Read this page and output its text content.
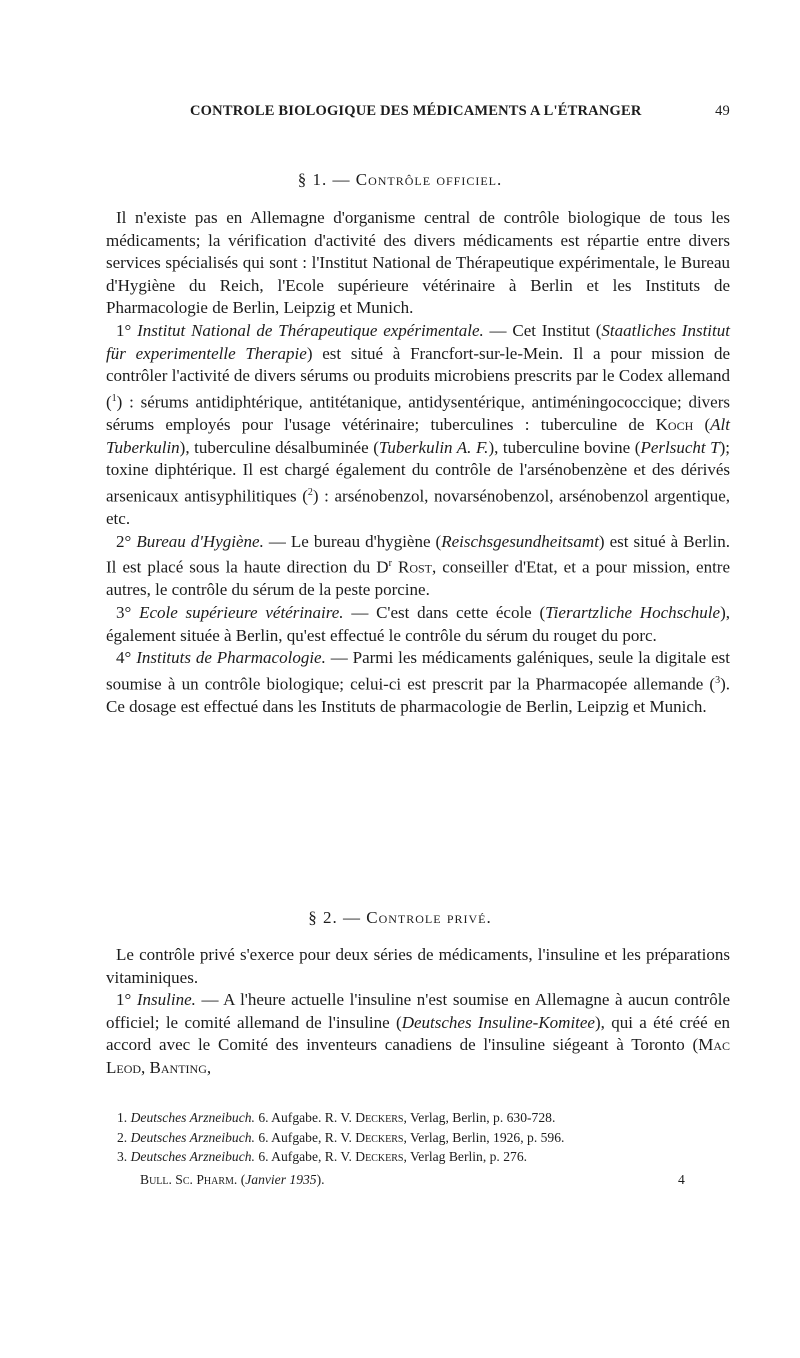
CONTROLE BIOLOGIQUE DES MÉDICAMENTS A L'ÉTRANGER	49
§ 1. — Contrôle officiel.

Il n'existe pas en Allemagne d'organisme central de contrôle biologique de tous les médicaments; la vérification d'activité des divers médicaments est répartie entre divers services spécialisés qui sont : l'Institut National de Thérapeutique expérimentale, le Bureau d'Hygiène du Reich, l'Ecole supérieure vétérinaire à Berlin et les Instituts de Pharmacologie de Berlin, Leipzig et Munich.

1° Institut National de Thérapeutique expérimentale. — Cet Institut (Staatliches Institut für experimentelle Therapie) est situé à Francfort-sur-le-Mein. Il a pour mission de contrôler l'activité de divers sérums ou produits microbiens prescrits par le Codex allemand ($^1$) : sérums antidiphtérique, antitétanique, antidysentérique, antiméningococcique; divers sérums employés pour l'usage vétérinaire; tuberculines : tuberculine de Koch (Alt Tuberkulin), tuberculine désalbuminée (Tuberkulin A. F.), tuberculine bovine (Perlsucht T); toxine diphtérique. Il est chargé également du contrôle de l'arsénobenzène et des dérivés arsenicaux antisyphilitiques ($^2$) : arsénobenzol, novarsénobenzol, arsénobenzol argentique, etc.

2° Bureau d'Hygiène. — Le bureau d'hygiène (Reischsgesundheitsamt) est situé à Berlin. Il est placé sous la haute direction du $D^r$ Rost, conseiller d'Etat, et a pour mission, entre autres, le contrôle du sérum de la peste porcine.

3° Ecole supérieure vétérinaire. — C'est dans cette école (Tierartzliche Hochschule), également située à Berlin, qu'est effectué le contrôle du sérum du rouget du porc.

4° Instituts de Pharmacologie. — Parmi les médicaments galéniques, seule la digitale est soumise à un contrôle biologique; celui-ci est prescrit par la Pharmacopée allemande ($^3$). Ce dosage est effectué dans les Instituts de pharmacologie de Berlin, Leipzig et Munich.

§ 2. — Controle privé.

Le contrôle privé s'exerce pour deux séries de médicaments, l'insuline et les préparations vitaminiques.

1° Insuline. — A l'heure actuelle l'insuline n'est soumise en Allemagne à aucun contrôle officiel; le comité allemand de l'insuline (Deutsches Insuline-Komitee), qui a été créé en accord avec le Comité des inventeurs canadiens de l'insuline siégeant à Toronto (Mac Leod, Banting,

1. Deutsches Arzneibuch. 6. Aufgabe. R. V. Deckers, Verlag, Berlin, p. 630-728.
2. Deutsches Arzneibuch. 6. Aufgabe, R. V. Deckers, Verlag, Berlin, 1926, p. 596.
3. Deutsches Arzneibuch. 6. Aufgabe, R. V. Deckers, Verlag Berlin, p. 276.
Bull. Sc. Pharm. (Janvier 1935).	4
